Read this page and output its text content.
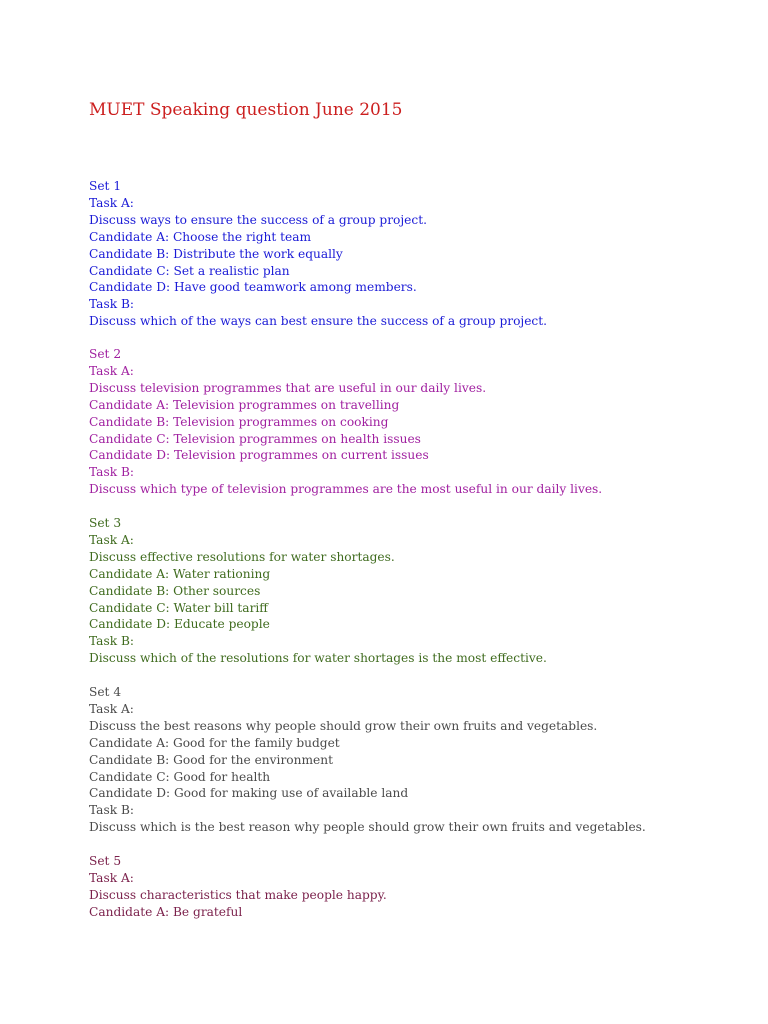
MUET Speaking question June 2015
Set 1
Task A:
Discuss ways to ensure the success of a group project.
Candidate A: Choose the right team
Candidate B: Distribute the work equally
Candidate C: Set a realistic plan
Candidate D: Have good teamwork among members.
Task B:
Discuss which of the ways can best ensure the success of a group project.
Set 2
Task A:
Discuss television programmes that are useful in our daily lives.
Candidate A: Television programmes on travelling
Candidate B: Television programmes on cooking
Candidate C: Television programmes on health issues
Candidate D: Television programmes on current issues
Task B:
Discuss which type of television programmes are the most useful in our daily lives.
Set 3
Task A:
Discuss effective resolutions for water shortages.
Candidate A: Water rationing
Candidate B: Other sources
Candidate C: Water bill tariff
Candidate D: Educate people
Task B:
Discuss which of the resolutions for water shortages is the most effective.
Set 4
Task A:
Discuss the best reasons why people should grow their own fruits and vegetables.
Candidate A: Good for the family budget
Candidate B: Good for the environment
Candidate C: Good for health
Candidate D: Good for making use of available land
Task B:
Discuss which is the best reason why people should grow their own fruits and vegetables.
Set 5
Task A:
Discuss characteristics that make people happy.
Candidate A: Be grateful
